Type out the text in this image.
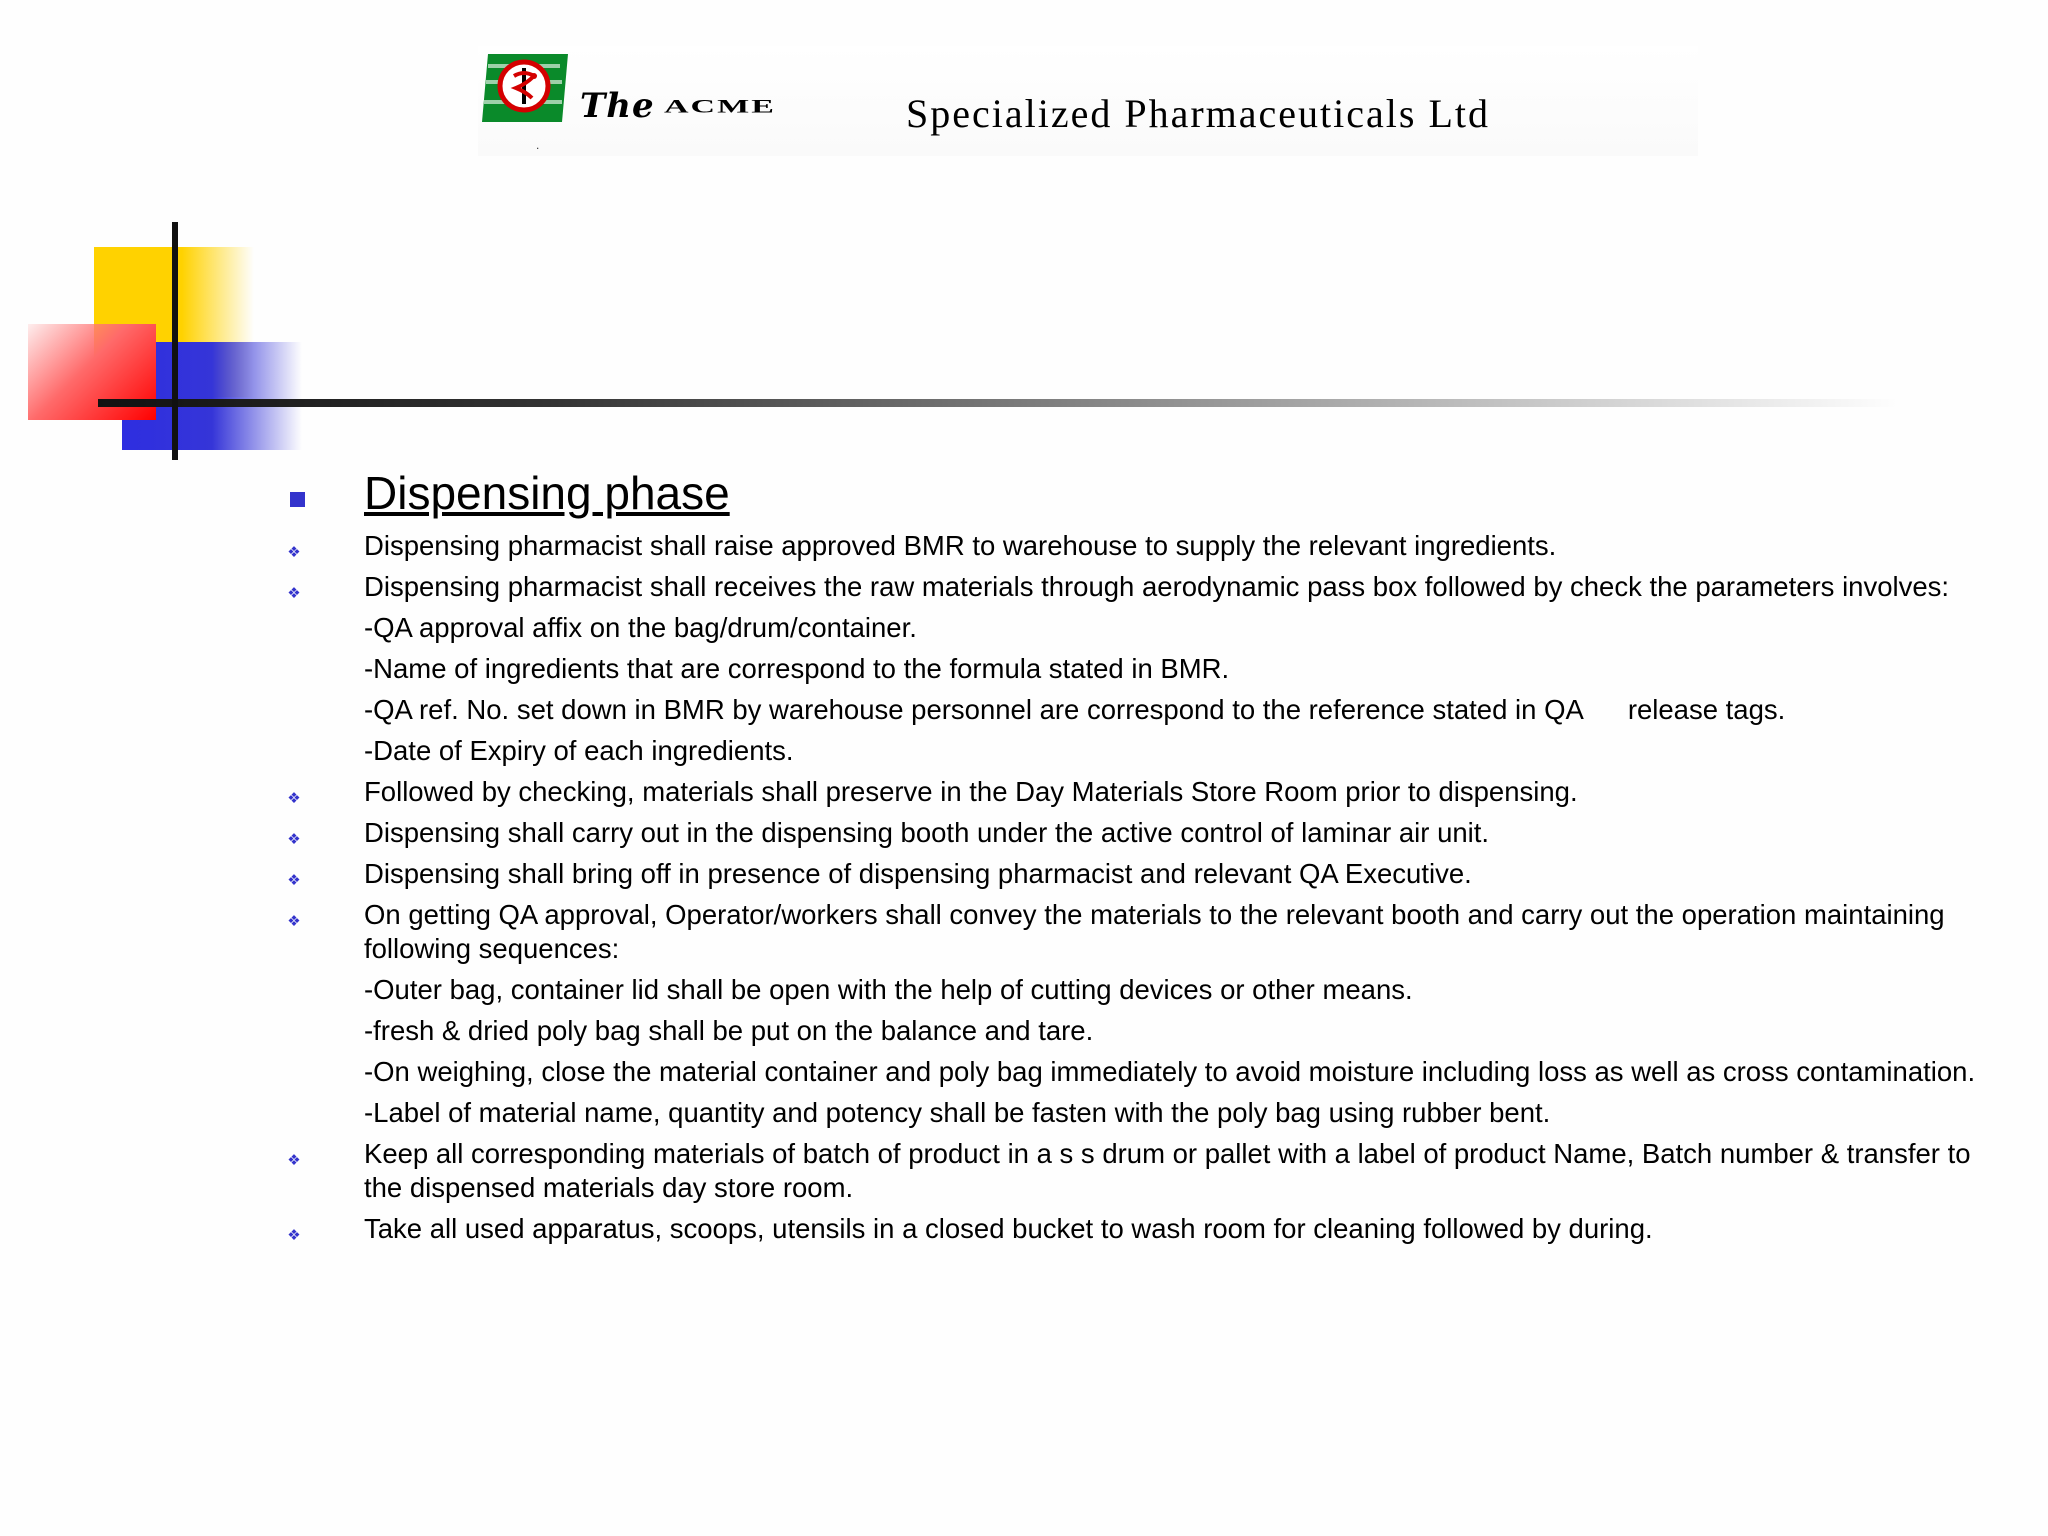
The ACME	Specialized Pharmaceuticals Ltd
.
Dispensing phase
❖ Dispensing pharmacist shall raise approved BMR to warehouse to supply the relevant ingredients.
❖ Dispensing pharmacist shall receives the raw materials through aerodynamic pass box followed by check the parameters involves:
-QA approval affix on the bag/drum/container.
-Name of ingredients that are correspond to the formula stated in BMR.
-QA ref. No. set down in BMR by warehouse personnel are correspond to the reference stated in QA release tags.
-Date of Expiry of each ingredients.
❖ Followed by checking, materials shall preserve in the Day Materials Store Room prior to dispensing.
❖ Dispensing shall carry out in the dispensing booth under the active control of laminar air unit.
❖ Dispensing shall bring off in presence of dispensing pharmacist and relevant QA Executive.
❖ On getting QA approval, Operator/workers shall convey the materials to the relevant booth and carry out the operation maintaining following sequences:
-Outer bag, container lid shall be open with the help of cutting devices or other means.
-fresh & dried poly bag shall be put on the balance and tare.
-On weighing, close the material container and poly bag immediately to avoid moisture including loss as well as cross contamination.
-Label of material name, quantity and potency shall be fasten with the poly bag using rubber bent.
❖ Keep all corresponding materials of batch of product in a s s drum or pallet with a label of product Name, Batch number & transfer to the dispensed materials day store room.
❖ Take all used apparatus, scoops, utensils in a closed bucket to wash room for cleaning followed by during.
